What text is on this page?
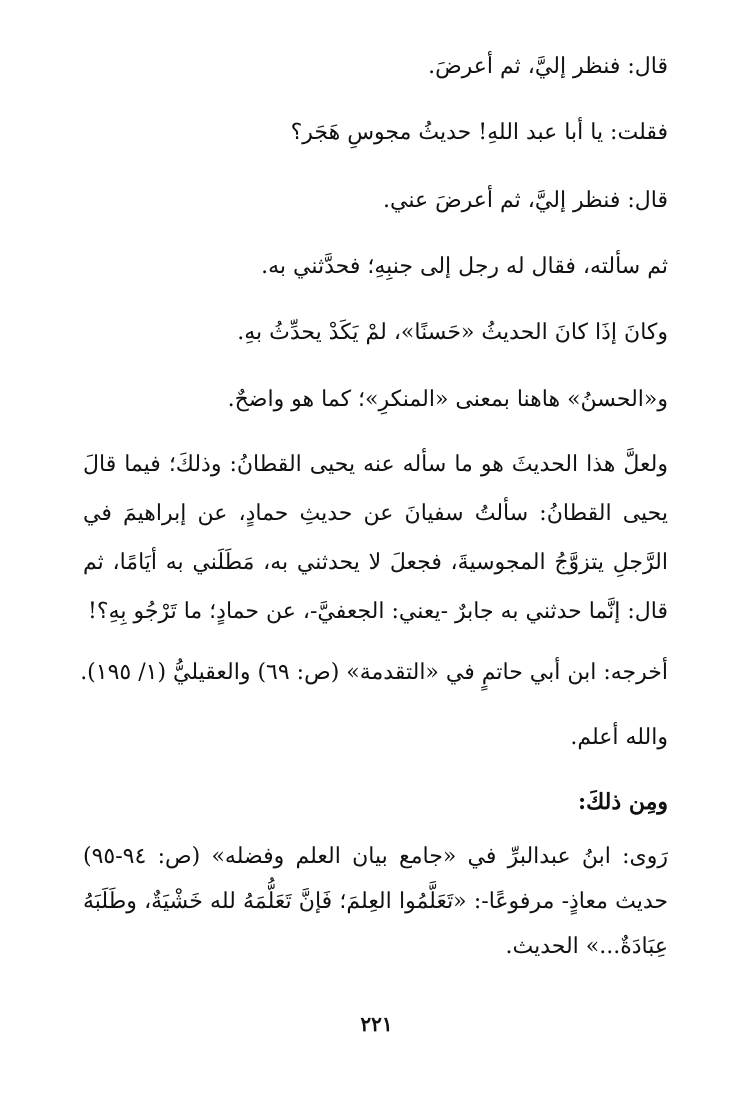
قال: فنظر إليَّ، ثم أعرضَ.

فقلت: يا أبا عبد اللهِ! حديثُ مجوسِ هَجَر؟

قال: فنظر إليَّ، ثم أعرضَ عني.

ثم سألته، فقال له رجل إلى جنبِهِ؛ فحدَّثني به.

وكانَ إذَا كانَ الحديثُ «حَسنًا»، لمْ يَكَدْ يحدِّثُ بهِ.

و«الحسنُ» هاهنا بمعنى «المنكرِ»؛ كما هو واضحٌ.

ولعلَّ هذا الحديثَ هو ما سأله عنه يحيى القطانُ: وذلكَ؛ فيما قالَ يحيى القطانُ: سألتُ سفيانَ عن حديثِ حمادٍ، عن إبراهيمَ في الرَّجلِ يتزوَّجُ المجوسيةَ، فجعلَ لا يحدثني به، مَطَلَني به أيَامًا، ثم قال: إنَّما حدثني به جابرٌ -يعني: الجعفيَّ-، عن حمادٍ؛ ما تَرْجُو بِهِ؟!

أخرجه: ابن أبي حاتمٍ في «التقدمة» (ص: ٦٩) والعقيليُّ (١/ ١٩٥).

والله أعلم.

ومِن ذلكَ:

رَوى: ابنُ عبدالبرِّ في «جامع بيان العلم وفضله» (ص: ٩٤-٩٥) حديث معاذٍ- مرفوعًا-: «تَعَلَّمُوا العِلمَ؛ فَإنَّ تَعَلُّمَهُ لله خَشْيَةٌ، وطَلَبَهُ عِبَادَةٌ...» الحديث.

٢٢١
